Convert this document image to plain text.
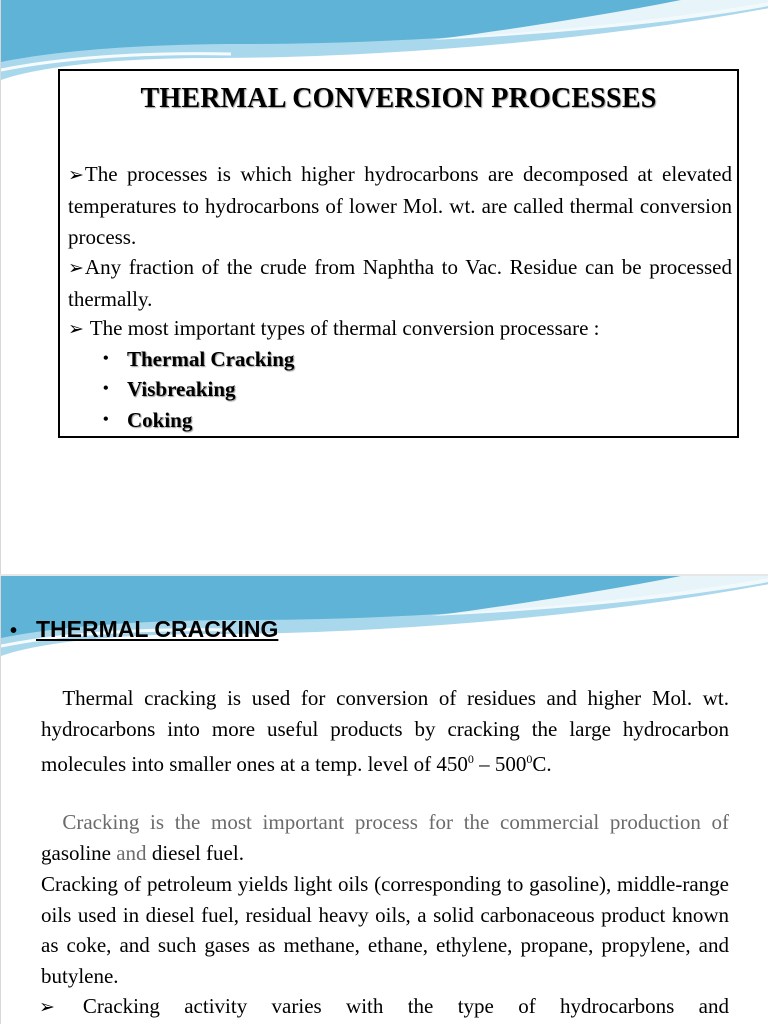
THERMAL CONVERSION PROCESSES
➢The processes is which higher hydrocarbons are decomposed at elevated temperatures to hydrocarbons of lower Mol. wt. are called thermal conversion process.
➢Any fraction of the crude from Naphtha to Vac. Residue can be processed thermally.
➢ The most important types of thermal conversion processare :
• Thermal Cracking
• Visbreaking
• Coking
• THERMAL CRACKING
Thermal cracking is used for conversion of residues and higher Mol. wt. hydrocarbons into more useful products by cracking the large hydrocarbon molecules into smaller ones at a temp. level of $450^0 - 500^0C$.
Cracking is the most important process for the commercial production of gasoline and diesel fuel.
Cracking of petroleum yields light oils (corresponding to gasoline), middle-range oils used in diesel fuel, residual heavy oils, a solid carbonaceous product known as coke, and such gases as methane, ethane, ethylene, propane, propylene, and butylene.
➢ Cracking activity varies with the type of hydrocarbons and
